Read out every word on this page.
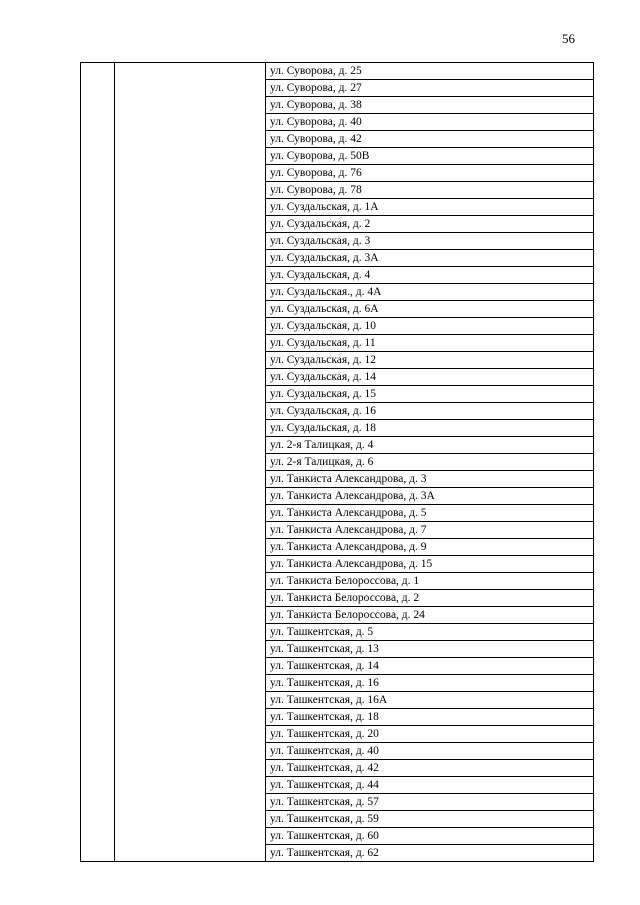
56
		ул. Суворова, д. 25
ул. Суворова, д. 27
ул. Суворова, д. 38
ул. Суворова, д. 40
ул. Суворова, д. 42
ул. Суворова, д. 50В
ул. Суворова, д. 76
ул. Суворова, д. 78
ул. Суздальская, д. 1А
ул. Суздальская, д. 2
ул. Суздальская, д. 3
ул. Суздальская, д. 3А
ул. Суздальская, д. 4
ул. Суздальская., д. 4А
ул. Суздальская, д. 6А
ул. Суздальская, д. 10
ул. Суздальская, д. 11
ул. Суздальская, д. 12
ул. Суздальская, д. 14
ул. Суздальская, д. 15
ул. Суздальская, д. 16
ул. Суздальская, д. 18
ул. 2-я Талицкая, д. 4
ул. 2-я Талицкая, д. 6
ул. Танкиста Александрова, д. 3
ул. Танкиста Александрова, д. 3А
ул. Танкиста Александрова, д. 5
ул. Танкиста Александрова, д. 7
ул. Танкиста Александрова, д. 9
ул. Танкиста Александрова, д. 15
ул. Танкиста Белороссова, д. 1
ул. Танкиста Белороссова, д. 2
ул. Танкиста Белороссова, д. 24
ул. Ташкентская, д. 5
ул. Ташкентская, д. 13
ул. Ташкентская, д. 14
ул. Ташкентская, д. 16
ул. Ташкентская, д. 16А
ул. Ташкентская, д. 18
ул. Ташкентская, д. 20
ул. Ташкентская, д. 40
ул. Ташкентская, д. 42
ул. Ташкентская, д. 44
ул. Ташкентская, д. 57
ул. Ташкентская, д. 59
ул. Ташкентская, д. 60
ул. Ташкентская, д. 62
